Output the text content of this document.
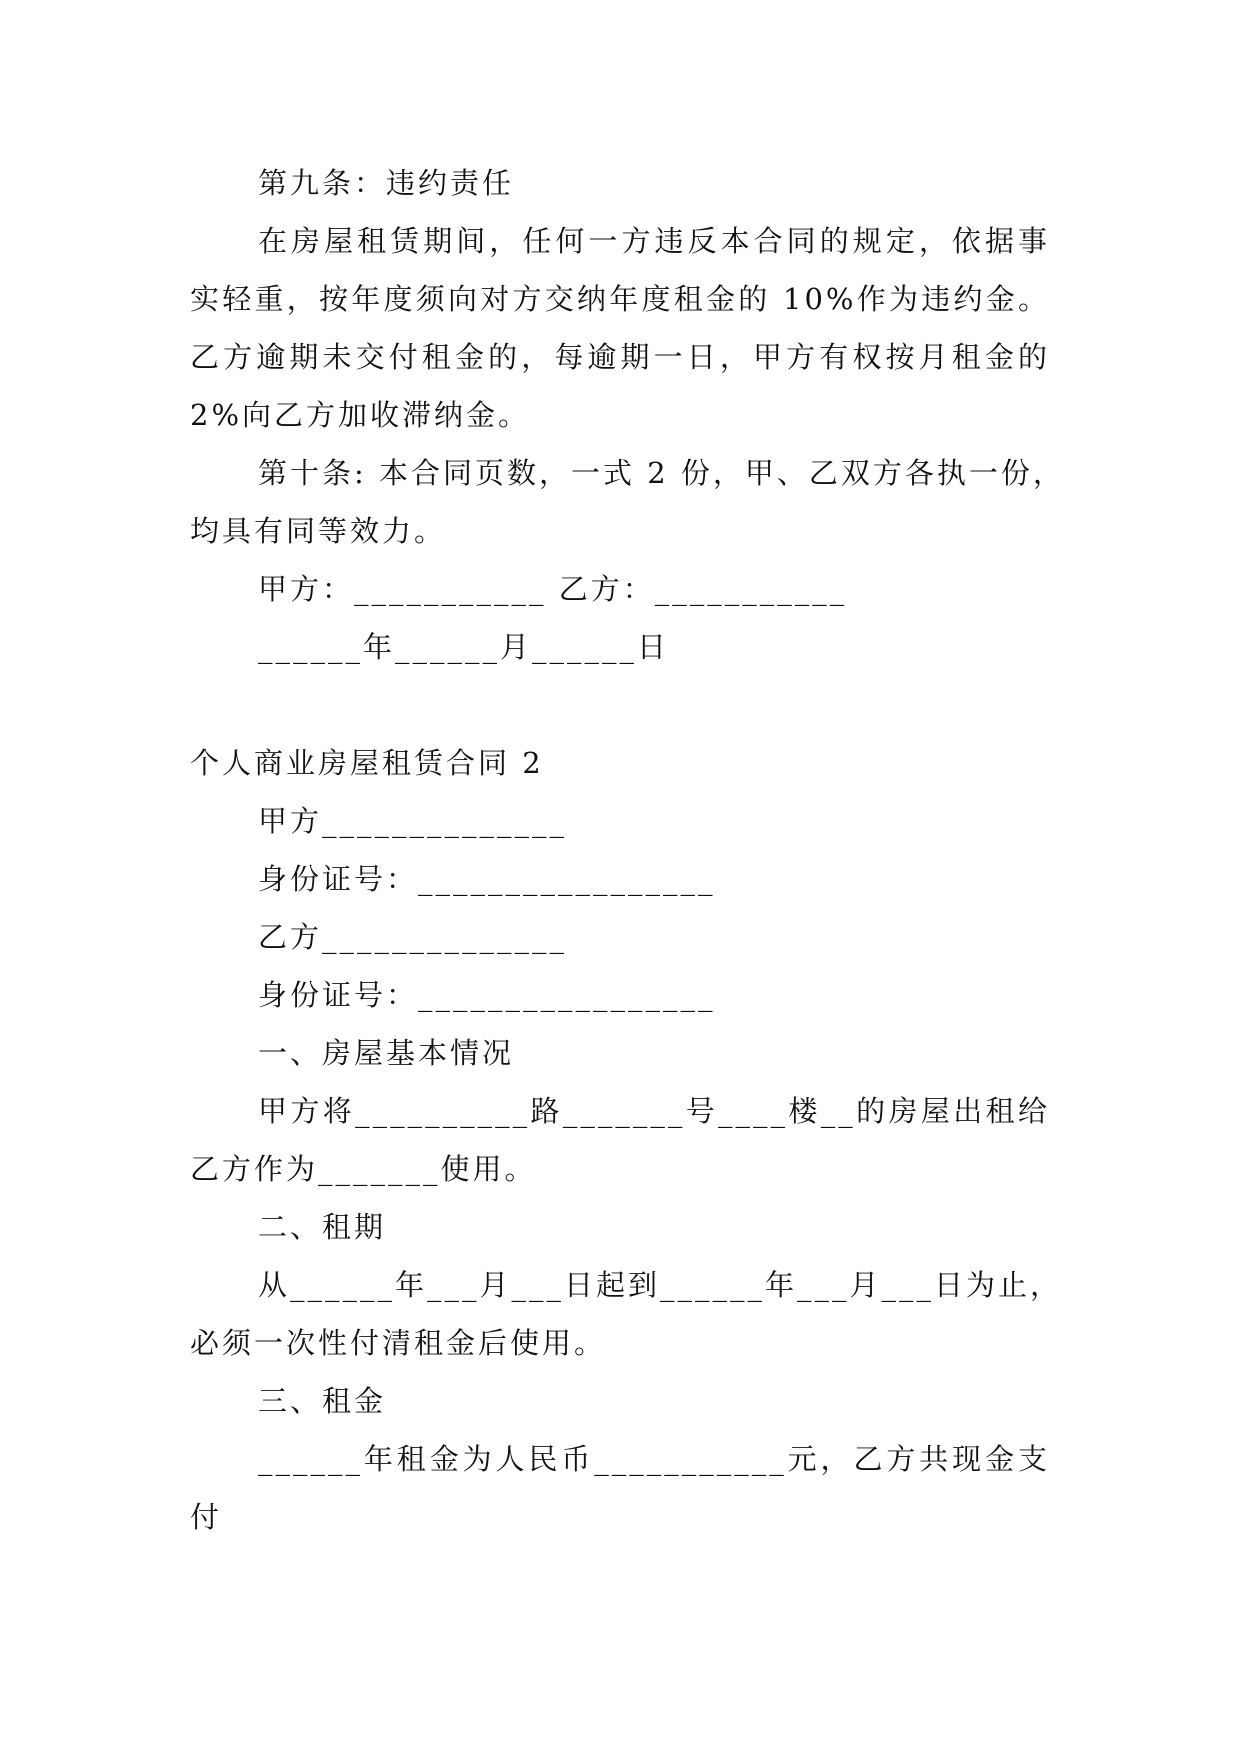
第九条：违约责任
在房屋租赁期间，任何一方违反本合同的规定，依据事
实轻重，按年度须向对方交纳年度租金的 10%作为违约金。
乙方逾期未交付租金的，每逾期一日，甲方有权按月租金的
2%向乙方加收滞纳金。
第十条: 本合同页数，一式 2 份，甲、乙双方各执一份，
均具有同等效力。
甲方：___________ 乙方：___________
______年______月______日
个人商业房屋租赁合同 2
甲方______________
身份证号：_________________
乙方______________
身份证号：_________________
一、房屋基本情况
甲方将__________路_______号____楼__的房屋出租给
乙方作为_______使用。
二、租期
从______年___月___日起到______年___月___日为止，
必须一次性付清租金后使用。
三、租金
______年租金为人民币___________元，乙方共现金支
付
